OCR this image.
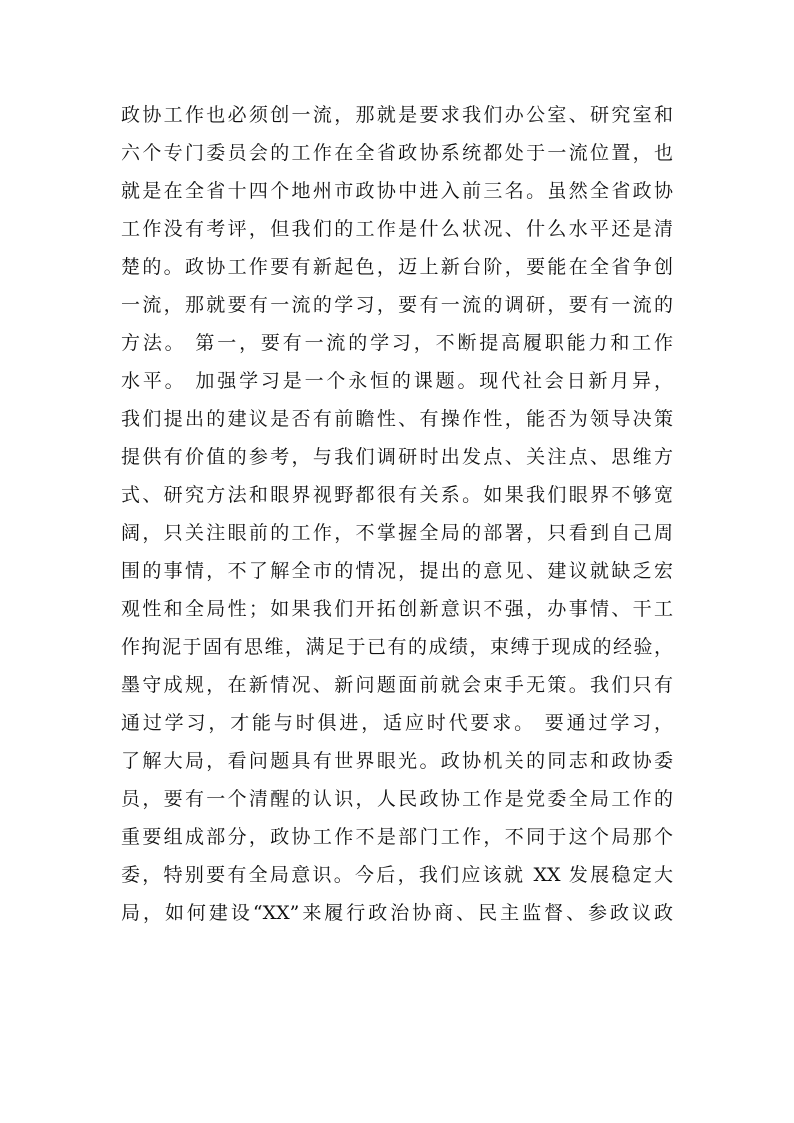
政协工作也必须创一流，那就是要求我们办公室、研究室和
六个专门委员会的工作在全省政协系统都处于一流位置，也
就是在全省十四个地州市政协中进入前三名。虽然全省政协
工作没有考评，但我们的工作是什么状况、什么水平还是清
楚的。政协工作要有新起色，迈上新台阶，要能在全省争创
一流，那就要有一流的学习，要有一流的调研，要有一流的
方法。 第一，要有一流的学习，不断提高履职能力和工作
水平。 加强学习是一个永恒的课题。现代社会日新月异，
我们提出的建议是否有前瞻性、有操作性，能否为领导决策
提供有价值的参考，与我们调研时出发点、关注点、思维方
式、研究方法和眼界视野都很有关系。如果我们眼界不够宽
阔，只关注眼前的工作，不掌握全局的部署，只看到自己周
围的事情，不了解全市的情况，提出的意见、建议就缺乏宏
观性和全局性；如果我们开拓创新意识不强，办事情、干工
作拘泥于固有思维，满足于已有的成绩，束缚于现成的经验，
墨守成规，在新情况、新问题面前就会束手无策。我们只有
通过学习，才能与时俱进，适应时代要求。 要通过学习，
了解大局，看问题具有世界眼光。政协机关的同志和政协委
员，要有一个清醒的认识，人民政协工作是党委全局工作的
重要组成部分，政协工作不是部门工作，不同于这个局那个
委，特别要有全局意识。今后，我们应该就 XX 发展稳定大
局，如何建设“XX”来履行政治协商、民主监督、参政议政
